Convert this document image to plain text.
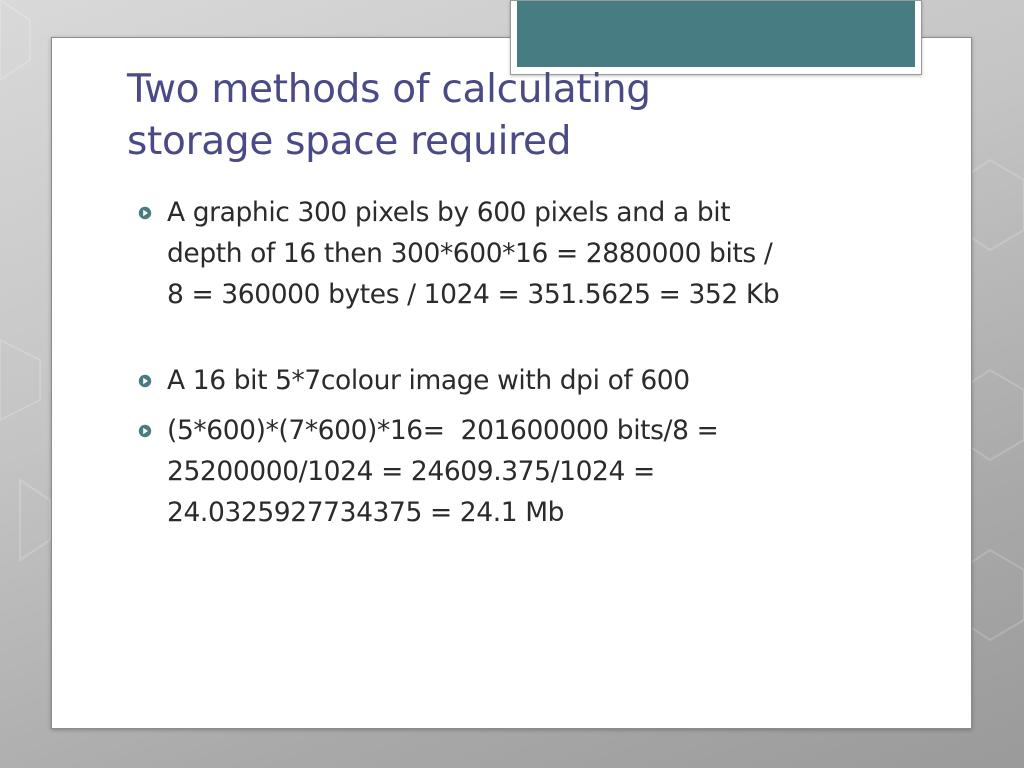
Two methods of calculating
storage space required
A graphic 300 pixels by 600 pixels and a bit
depth of 16 then 300*600*16 = 2880000 bits /
8 = 360000 bytes / 1024 = 351.5625 = 352 Kb
A 16 bit 5*7colour image with dpi of 600
(5*600)*(7*600)*16=  201600000 bits/8 =
25200000/1024 = 24609.375/1024 =
24.0325927734375 = 24.1 Mb
